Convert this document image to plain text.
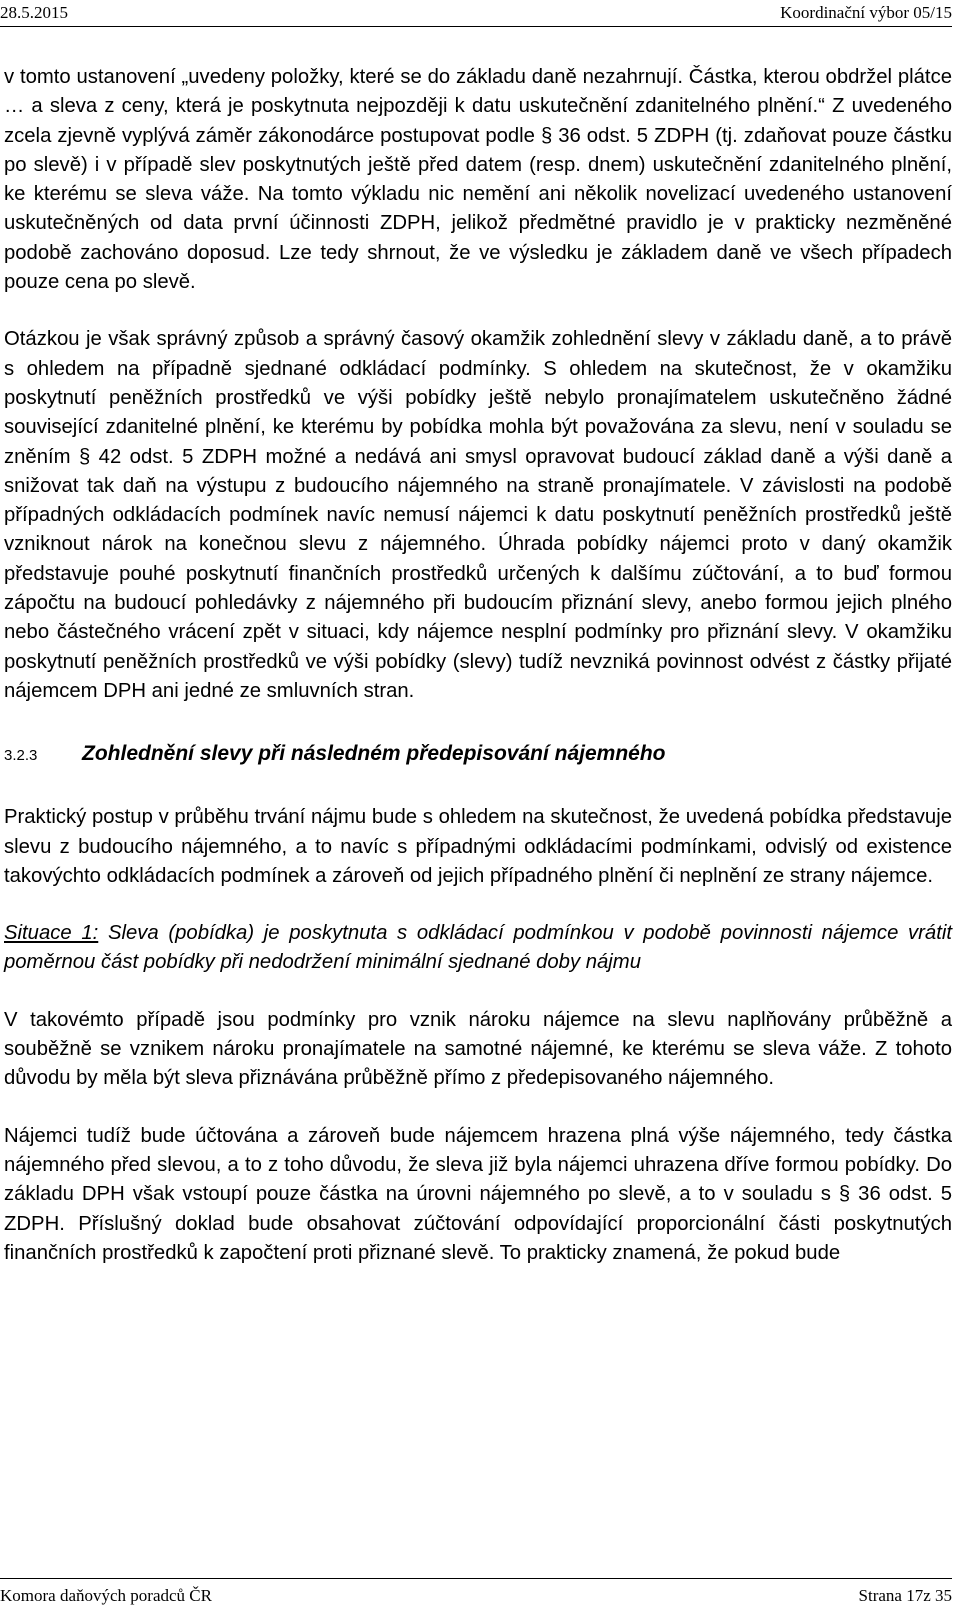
28.5.2015	Koordinační výbor 05/15

v tomto ustanovení „uvedeny položky, které se do základu daně nezahrnují. Částka, kterou obdržel plátce … a sleva z ceny, která je poskytnuta nejpozději k datu uskutečnění zdanitelného plnění.“ Z uvedeného zcela zjevně vyplývá záměr zákonodárce postupovat podle § 36 odst. 5 ZDPH (tj. zdaňovat pouze částku po slevě) i v případě slev poskytnutých ještě před datem (resp. dnem) uskutečnění zdanitelného plnění, ke kterému se sleva váže. Na tomto výkladu nic nemění ani několik novelizací uvedeného ustanovení uskutečněných od data první účinnosti ZDPH, jelikož předmětné pravidlo je v prakticky nezměněné podobě zachováno doposud. Lze tedy shrnout, že ve výsledku je základem daně ve všech případech pouze cena po slevě.

Otázkou je však správný způsob a správný časový okamžik zohlednění slevy v základu daně, a to právě s ohledem na případně sjednané odkládací podmínky. S ohledem na skutečnost, že v okamžiku poskytnutí peněžních prostředků ve výši pobídky ještě nebylo pronajímatelem uskutečněno žádné související zdanitelné plnění, ke kterému by pobídka mohla být považována za slevu, není v souladu se zněním § 42 odst. 5 ZDPH možné a nedává ani smysl opravovat budoucí základ daně a výši daně a snižovat tak daň na výstupu z budoucího nájemného na straně pronajímatele. V závislosti na podobě případných odkládacích podmínek navíc nemusí nájemci k datu poskytnutí peněžních prostředků ještě vzniknout nárok na konečnou slevu z nájemného. Úhrada pobídky nájemci proto v daný okamžik představuje pouhé poskytnutí finančních prostředků určených k dalšímu zúčtování, a to buď formou zápočtu na budoucí pohledávky z nájemného při budoucím přiznání slevy, anebo formou jejich plného nebo částečného vrácení zpět v situaci, kdy nájemce nesplní podmínky pro přiznání slevy. V okamžiku poskytnutí peněžních prostředků ve výši pobídky (slevy) tudíž nevzniká povinnost odvést z částky přijaté nájemcem DPH ani jedné ze smluvních stran.

3.2.3	Zohlednění slevy při následném předepisování nájemného

Praktický postup v průběhu trvání nájmu bude s ohledem na skutečnost, že uvedená pobídka představuje slevu z budoucího nájemného, a to navíc s případnými odkládacími podmínkami, odvislý od existence takovýchto odkládacích podmínek a zároveň od jejich případného plnění či neplnění ze strany nájemce.

Situace 1: Sleva (pobídka) je poskytnuta s odkládací podmínkou v podobě povinnosti nájemce vrátit poměrnou část pobídky při nedodržení minimální sjednané doby nájmu

V takovémto případě jsou podmínky pro vznik nároku nájemce na slevu naplňovány průběžně a souběžně se vznikem nároku pronajímatele na samotné nájemné, ke kterému se sleva váže. Z tohoto důvodu by měla být sleva přiznávána průběžně přímo z předepisovaného nájemného.

Nájemci tudíž bude účtována a zároveň bude nájemcem hrazena plná výše nájemného, tedy částka nájemného před slevou, a to z toho důvodu, že sleva již byla nájemci uhrazena dříve formou pobídky. Do základu DPH však vstoupí pouze částka na úrovni nájemného po slevě, a to v souladu s § 36 odst. 5 ZDPH. Příslušný doklad bude obsahovat zúčtování odpovídající proporcionální části poskytnutých finančních prostředků k započtení proti přiznané slevě. To prakticky znamená, že pokud bude

Komora daňových poradců ČR	Strana 17z 35
